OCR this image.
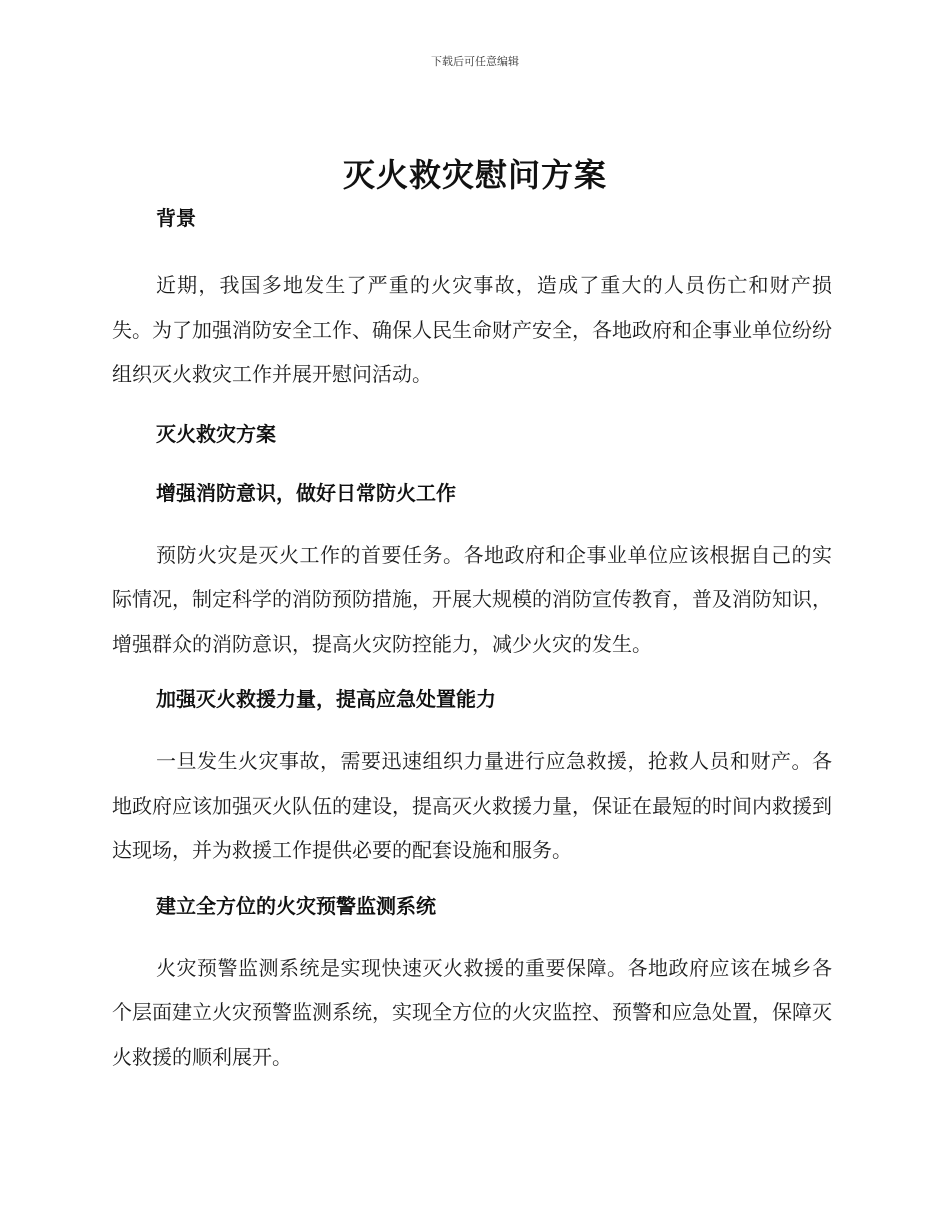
下载后可任意编辑
灭火救灾慰问方案

背景

近期，我国多地发生了严重的火灾事故，造成了重大的人员伤亡和财产损失。为了加强消防安全工作、确保人民生命财产安全，各地政府和企事业单位纷纷组织灭火救灾工作并展开慰问活动。

灭火救灾方案

增强消防意识，做好日常防火工作

预防火灾是灭火工作的首要任务。各地政府和企事业单位应该根据自己的实际情况，制定科学的消防预防措施，开展大规模的消防宣传教育，普及消防知识，增强群众的消防意识，提高火灾防控能力，减少火灾的发生。

加强灭火救援力量，提高应急处置能力

一旦发生火灾事故，需要迅速组织力量进行应急救援，抢救人员和财产。各地政府应该加强灭火队伍的建设，提高灭火救援力量，保证在最短的时间内救援到达现场，并为救援工作提供必要的配套设施和服务。

建立全方位的火灾预警监测系统

火灾预警监测系统是实现快速灭火救援的重要保障。各地政府应该在城乡各个层面建立火灾预警监测系统，实现全方位的火灾监控、预警和应急处置，保障灭火救援的顺利展开。
